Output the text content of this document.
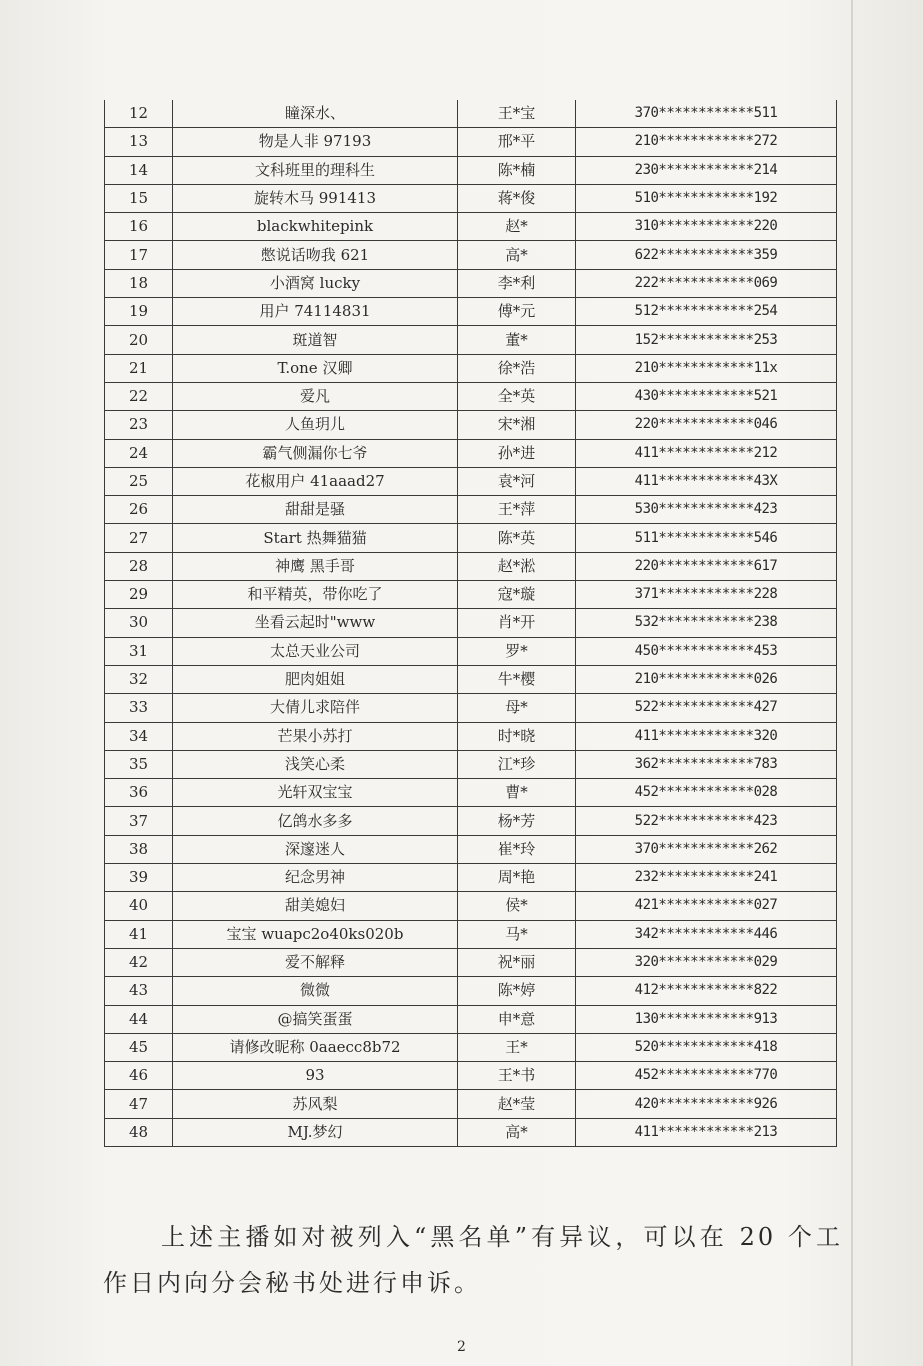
12	瞳深水、	王*宝	370************511
13	物是人非 97193	邢*平	210************272
14	文科班里的理科生	陈*楠	230************214
15	旋转木马 991413	蒋*俊	510************192
16	blackwhitepink	赵*	310************220
17	憋说话吻我 621	高*	622************359
18	小酒窝 lucky	李*利	222************069
19	用户 74114831	傅*元	512************254
20	斑道智	董*	152************253
21	T.one 汉卿	徐*浩	210************11x
22	爱凡	全*英	430************521
23	人鱼玥儿	宋*湘	220************046
24	霸气侧漏你七爷	孙*进	411************212
25	花椒用户 41aaad27	袁*河	411************43X
26	甜甜是骚	王*萍	530************423
27	Start 热舞猫猫	陈*英	511************546
28	神鹰 黑手哥	赵*淞	220************617
29	和平精英，带你吃了	寇*璇	371************228
30	坐看云起时"www	肖*开	532************238
31	太总天业公司	罗*	450************453
32	肥肉姐姐	牛*樱	210************026
33	大倩儿求陪伴	母*	522************427
34	芒果小苏打	时*晓	411************320
35	浅笑心柔	江*珍	362************783
36	光轩双宝宝	曹*	452************028
37	亿鸽水多多	杨*芳	522************423
38	深邃迷人	崔*玲	370************262
39	纪念男神	周*艳	232************241
40	甜美媳妇	侯*	421************027
41	宝宝 wuapc2o40ks020b	马*	342************446
42	爱不解释	祝*丽	320************029
43	微微	陈*婷	412************822
44	@搞笑蛋蛋	申*意	130************913
45	请修改昵称 0aaecc8b72	王*	520************418
46	93	王*书	452************770
47	苏风梨	赵*莹	420************926
48	MJ.梦幻	高*	411************213
上述主播如对被列入“黑名单”有异议，可以在 20 个工作日内向分会秘书处进行申诉。
2
